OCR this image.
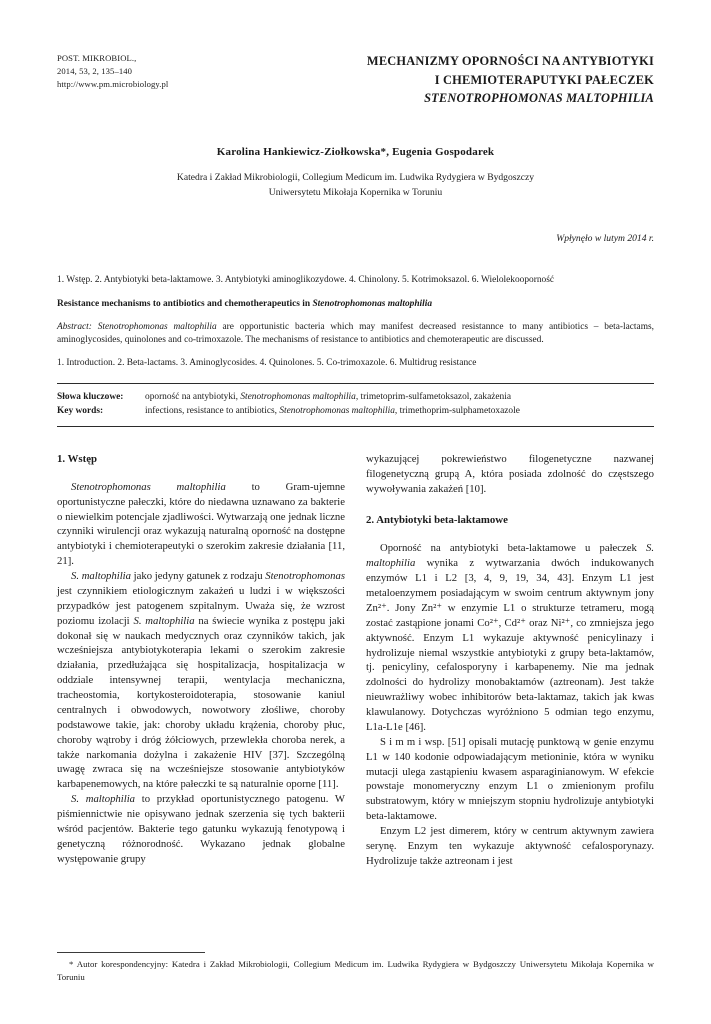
POST. MIKROBIOL.,
2014, 53, 2, 135–140
http://www.pm.microbiology.pl
MECHANIZMY OPORNOŚCI NA ANTYBIOTYKI
I CHEMIOTERAPUTYKI PAŁECZEK
STENOTROPHOMONAS MALTOPHILIA
Karolina Hankiewicz-Ziołkowska*, Eugenia Gospodarek
Katedra i Zakład Mikrobiologii, Collegium Medicum im. Ludwika Rydygiera w Bydgoszczy
Uniwersytetu Mikołaja Kopernika w Toruniu
Wpłynęło w lutym 2014 r.
1. Wstęp. 2. Antybiotyki beta-laktamowe. 3. Antybiotyki aminoglikozydowe. 4. Chinolony. 5. Kotrimoksazol. 6. Wielolekooporność
Resistance mechanisms to antibiotics and chemotherapeutics in Stenotrophomonas maltophilia
Abstract: Stenotrophomonas maltophilia are opportunistic bacteria which may manifest decreased resistannce to many antibiotics – beta-lactams, aminoglycosides, quinolones and co-trimoxazole. The mechanisms of resistance to antibiotics and chemoterapeutic are discussed.
1. Introduction. 2. Beta-lactams. 3. Aminoglycosides. 4. Quinolones. 5. Co-trimoxazole. 6. Multidrug resistance
Słowa kluczowe:	oporność na antybiotyki, Stenotrophomonas maltophilia, trimetoprim-sulfametoksazol, zakażenia
Key words:	infections, resistance to antibiotics, Stenotrophomonas maltophilia, trimethoprim-sulphametoxazole
1. Wstęp

Stenotrophomonas maltophilia to Gram-ujemne oportunistyczne pałeczki, które do niedawna uznawano za bakterie o niewielkim potencjale zjadliwości. Wytwarzają one jednak liczne czynniki wirulencji oraz wykazują naturalną oporność na dostępne antybiotyki i chemioterapeutyki o szerokim zakresie działania [11, 21].

S. maltophilia jako jedyny gatunek z rodzaju Stenotrophomonas jest czynnikiem etiologicznym zakażeń u ludzi i w większości przypadków jest patogenem szpitalnym. Uważa się, że wzrost poziomu izolacji S. maltophilia na świecie wynika z postępu jaki dokonał się w naukach medycznych oraz czynników takich, jak wcześniejsza antybiotykoterapia lekami o szerokim zakresie działania, przedłużająca się hospitalizacja, hospitalizacja w oddziale intensywnej terapii, wentylacja mechaniczna, tracheostomia, kortykosteroidoterapia, stosowanie kaniul centralnych i obwodowych, nowotwory złośliwe, choroby podstawowe takie, jak: choroby układu krążenia, choroby płuc, choroby wątroby i dróg żółciowych, przewlekła choroba nerek, a także narkomania dożylna i zakażenie HIV [37]. Szczególną uwagę zwraca się na wcześniejsze stosowanie antybiotyków karbapenemowych, na które pałeczki te są naturalnie oporne [11].

S. maltophilia to przykład oportunistycznego patogenu. W piśmiennictwie nie opisywano jednak szerzenia się tych bakterii wśród pacjentów. Bakterie tego gatunku wykazują fenotypową i genetyczną różnorodność. Wykazano jednak globalne występowanie grupy

wykazującej pokrewieństwo filogenetyczne nazwanej filogenetyczną grupą A, która posiada zdolność do częstszego wywoływania zakażeń [10].

2. Antybiotyki beta-laktamowe

Oporność na antybiotyki beta-laktamowe u pałeczek S. maltophilia wynika z wytwarzania dwóch indukowanych enzymów L1 i L2 [3, 4, 9, 19, 34, 43]. Enzym L1 jest metaloenzymem posiadającym w swoim centrum aktywnym jony Zn²⁺. Jony Zn²⁺ w enzymie L1 o strukturze tetrameru, mogą zostać zastąpione jonami Co²⁺, Cd²⁺ oraz Ni²⁺, co zmniejsza jego aktywność. Enzym L1 wykazuje aktywność penicylinazy i hydrolizuje niemal wszystkie antybiotyki z grupy beta-laktamów, tj. penicyliny, cefalosporyny i karbapenemy. Nie ma jednak zdolności do hydrolizy monobaktamów (aztreonam). Jest także nieuwrażliwy wobec inhibitorów beta-laktamaz, takich jak kwas klawulanowy. Dotychczas wyróżniono 5 odmian tego enzymu, L1a-L1e [46].

S i m m i wsp. [51] opisali mutację punktową w genie enzymu L1 w 140 kodonie odpowiadającym metioninie, która w wyniku mutacji ulega zastąpieniu kwasem asparaginianowym. W efekcie powstaje monomeryczny enzym L1 o zmienionym profilu substratowym, który w mniejszym stopniu hydrolizuje antybiotyki beta-laktamowe.

Enzym L2 jest dimerem, który w centrum aktywnym zawiera serynę. Enzym ten wykazuje aktywność cefalosporynazy. Hydrolizuje także aztreonam i jest

* Autor korespondencyjny: Katedra i Zakład Mikrobiologii, Collegium Medicum im. Ludwika Rydygiera w Bydgoszczy Uniwersytetu Mikołaja Kopernika w Toruniu
